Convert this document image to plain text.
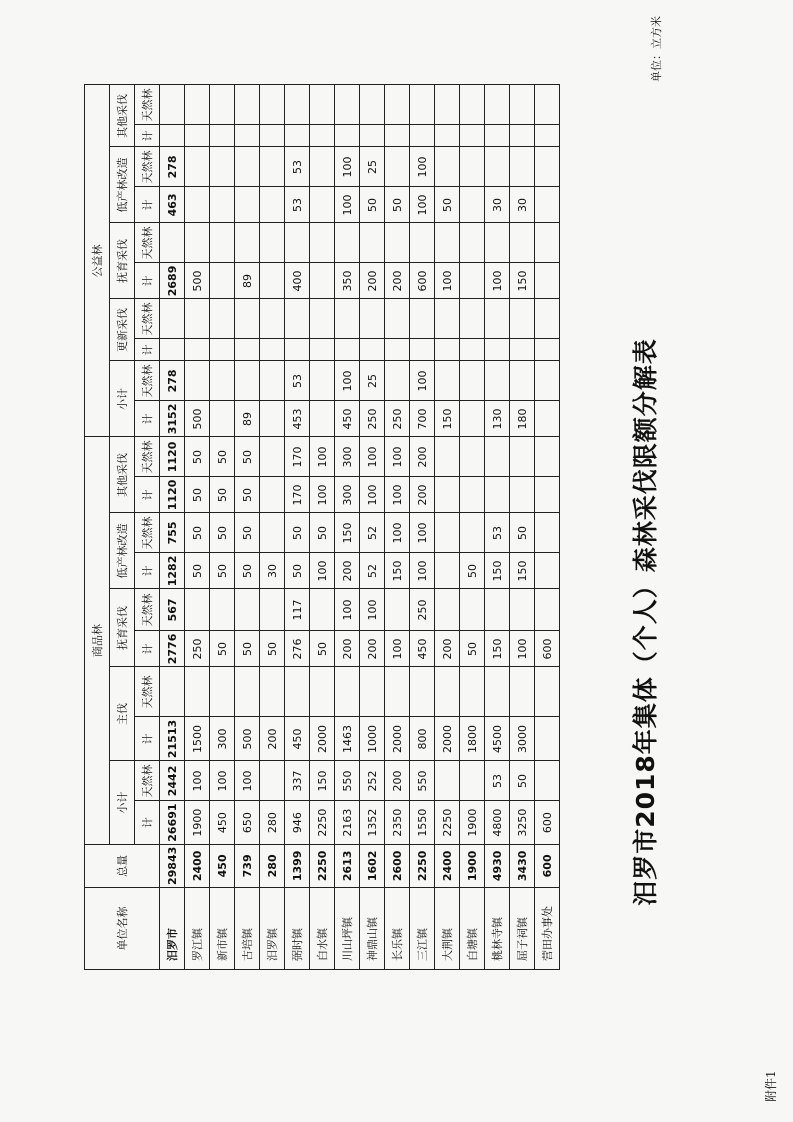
附件1
汨罗市2018年集体（个人）森林采伐限额分解表
单位：立方米
单位名称	总量	商品林										公益林									
		小计		主伐		抚育采伐		低产林改造		其他采伐		小计		更新采伐		抚育采伐		低产林改造		其他采伐	
		计	天然林	计	天然林	计	天然林	计	天然林	计	天然林	计	天然林	计	天然林	计	天然林	计	天然林	计	天然林
汨罗市	29843	26691	2442	21513		2776	567	1282	755	1120	1120	3152	278			2689		463	278		
罗江镇	2400	1900	100	1500		250		50	50	50	50	500				500					
新市镇	450	450	100	300		50		50	50	50	50										
古培镇	739	650	100	500		50		50	50	50	50	89				89					
汨罗镇	280	280		200		50		30													
弼时镇	1399	946	337	450		276	117	50	50	170	170	453	53			400		53	53		
白水镇	2250	2250	150	2000		50		100	50	100	100										
川山坪镇	2613	2163	550	1463		200	100	200	150	300	300	450	100			350		100	100		
神鼎山镇	1602	1352	252	1000		200	100	52	52	100	100	250	25			200		50	25		
长乐镇	2600	2350	200	2000		100		150	100	100	100	250				200		50			
三江镇	2250	1550	550	800		450	250	100	100	200	200	700	100			600		100	100		
大荆镇	2400	2250		2000		200						150				100		50			
白塘镇	1900	1900		1800		50		50													
桃林寺镇	4930	4800	53	4500		150		150	53			130				100		30			
屈子祠镇	3430	3250	50	3000		100		150	50			180				150		30			
营田办事处	600	600				600															
